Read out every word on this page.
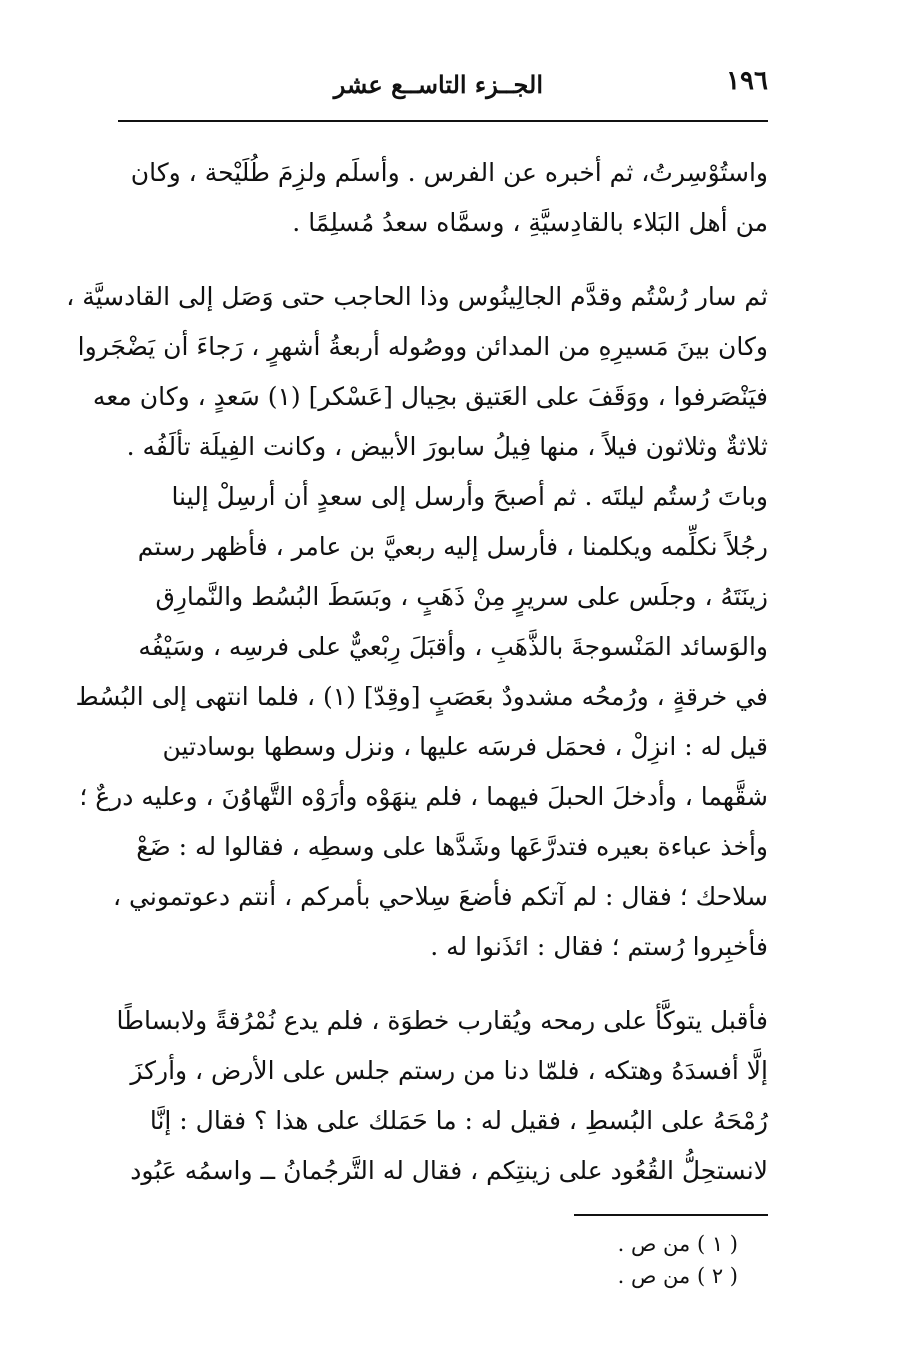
١٩٦
الجــزء التاســع عشر
واستُوْسِرتُ، ثم أخبره عن الفرس . وأسلَم ولزِمَ طُلَيْحة ، وكان
من أهل البَلاء بالقادِسيَّةِ ، وسمَّاه سعدُ مُسلِمًا .
ثم سار رُسْتُم وقدَّم الجالِينُوس وذا الحاجب حتى وَصَل إلى القادسيَّة ،
وكان بينَ مَسيرِهِ من المدائن ووصُوله أربعةُ أشهرٍ ، رَجاءَ أن يَضْجَروا
فيَنْصَرفوا ، ووَقَفَ على العَتيق بحِيال [عَسْكر] (١) سَعدٍ ، وكان معه
ثلاثةٌ وثلاثون فيلاً ، منها فِيلُ سابورَ الأبيض ، وكانت الفِيلَة تألَفُه .
وباتَ رُستُم ليلتَه . ثم أصبحَ وأرسل إلى سعدٍ أن أرسِلْ إلينا
رجُلاً نكلِّمه ويكلمنا ، فأرسل إليه ربعيَّ بن عامر ، فأظهر رستم
زينَتَهُ ، وجلَس على سريرٍ مِنْ ذَهَبٍ ، وبَسَطَ البُسُط والنَّمارِق
والوَسائد المَنْسوجةَ بالذَّهَبِ ، وأقبَلَ رِبْعيٌّ على فرسِه ، وسَيْفُه
في خرقةٍ ، ورُمحُه مشدودٌ بعَصَبٍ [وقِدّ] (١) ، فلما انتهى إلى البُسُط
قيل له : انزِلْ ، فحمَل فرسَه عليها ، ونزل وسطها بوسادتين
شقَّهما ، وأدخلَ الحبلَ فيهما ، فلم ينهَوْه وأرَوْه التَّهاوُنَ ، وعليه درعٌ ؛
وأخذ عباءة بعيره فتدرَّعَها وشَدَّها على وسطِه ، فقالوا له : ضَعْ
سلاحك ؛ فقال : لم آتكم فأضعَ سِلاحي بأمركم ، أنتم دعوتموني ،
فأخبِروا رُستم ؛ فقال : ائذَنوا له .
فأقبل يتوكَّأ على رمحه ويُقارب خطوَة ، فلم يدع نُمْرُقةً ولابساطًا
إلَّا أفسدَهُ وهتكه ، فلمّا دنا من رستم جلس على الأرض ، وأركزَ
رُمْحَهُ على البُسطِ ، فقيل له : ما حَمَلك على هذا ؟ فقال : إنَّا
لانستحِلُّ القُعُود على زينتِكم ، فقال له التَّرجُمانُ ــ واسمُه عَبُود
( ١ ) من ص .
( ٢ ) من ص .
